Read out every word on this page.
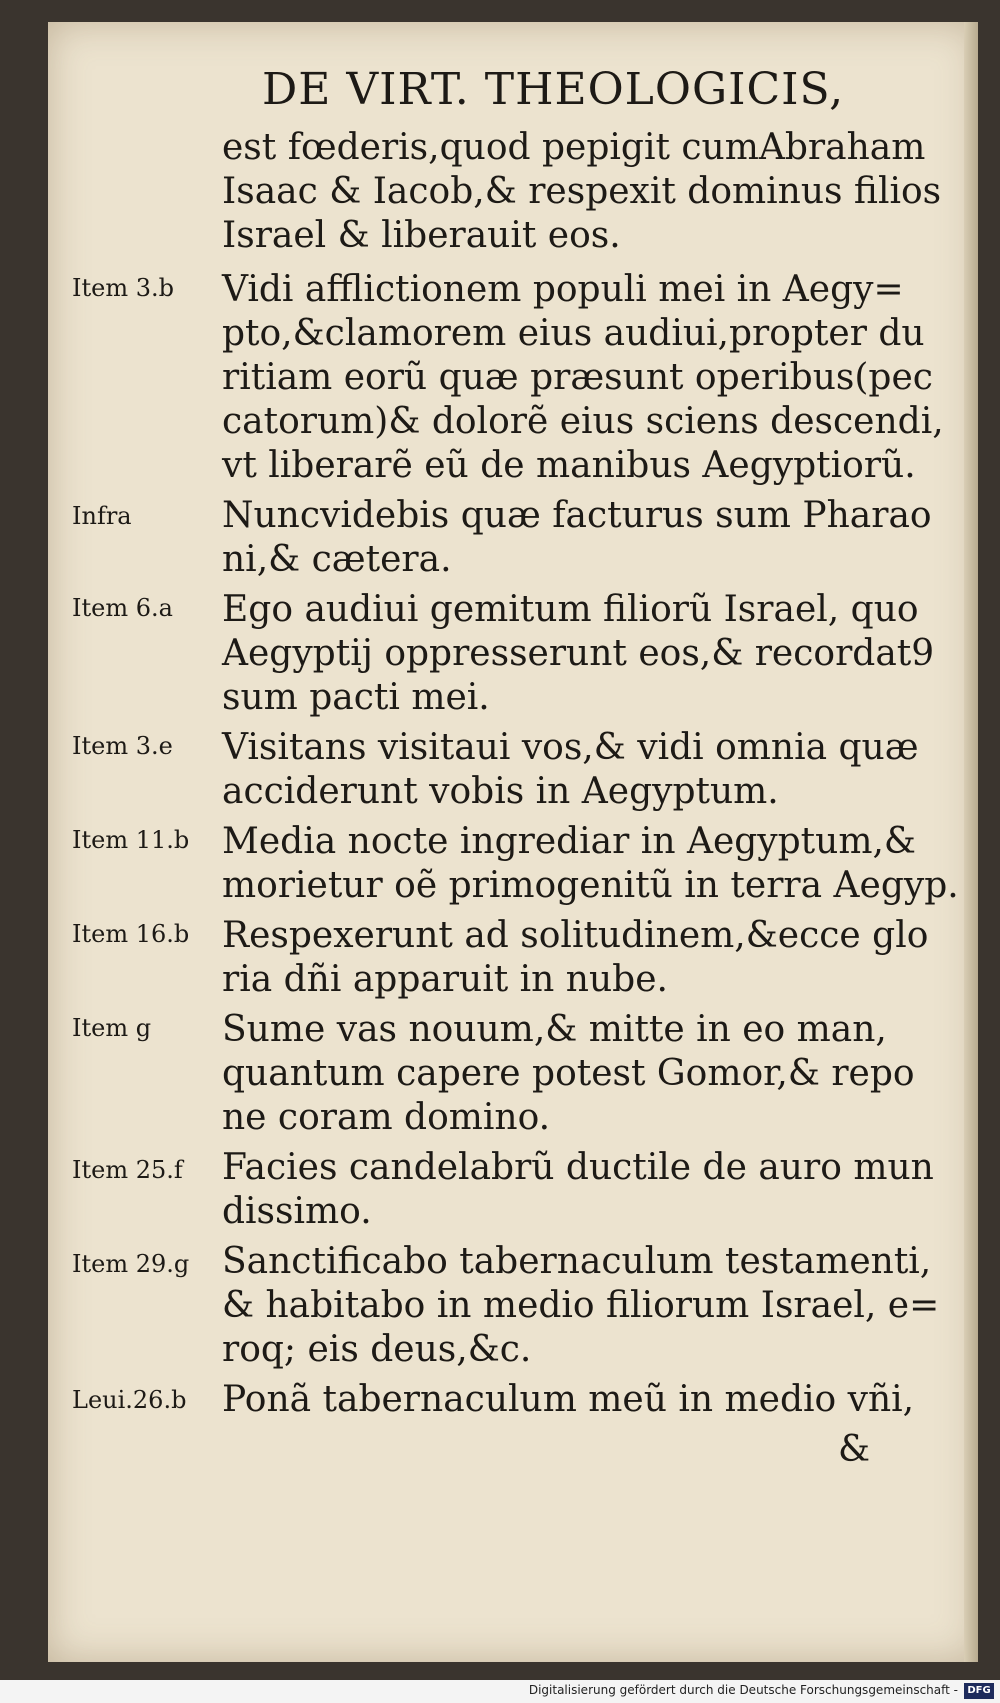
DE VIRT. THEOLOGICIS,
est fœderis,quod pepigit cumAbraham
Isaac & Iacob,& respexit dominus filios
Israel & liberauit eos.
Vidi afflictionem populi mei in Aegy=
pto,&clamorem eius audiui,propter du
ritiam eorũ quæ præsunt operibus(pec
catorum)& dolorẽ eius sciens descendi,
vt liberarẽ eũ de manibus Aegyptiorũ.
Nuncvidebis quæ facturus sum Pharao
ni,& cætera.
Ego audiui gemitum filiorũ Israel, quo
Aegyptij oppresserunt eos,& recordat9
sum pacti mei.
Visitans visitaui vos,& vidi omnia quæ
acciderunt vobis in Aegyptum.
Media nocte ingrediar in Aegyptum,&
morietur oẽ primogenitũ in terra Aegyp.
Respexerunt ad solitudinem,&ecce glo
ria dñi apparuit in nube.
Sume vas nouum,& mitte in eo man,
quantum capere potest Gomor,& repo
ne coram domino.
Facies candelabrũ ductile de auro mun
dissimo.
Sanctificabo tabernaculum testamenti,
& habitabo in medio filiorum Israel, e=
roq; eis deus,&c.
Ponã tabernaculum meũ in medio vñi,
Item 3.b
Infra
Item 6.a
Item 3.e
Item 11.b
Item 16.b
Item g
Item 25.f
Item 29.g
Leui.26.b
&
Digitalisierung gefördert durch die Deutsche Forschungsgemeinschaft - DFG
